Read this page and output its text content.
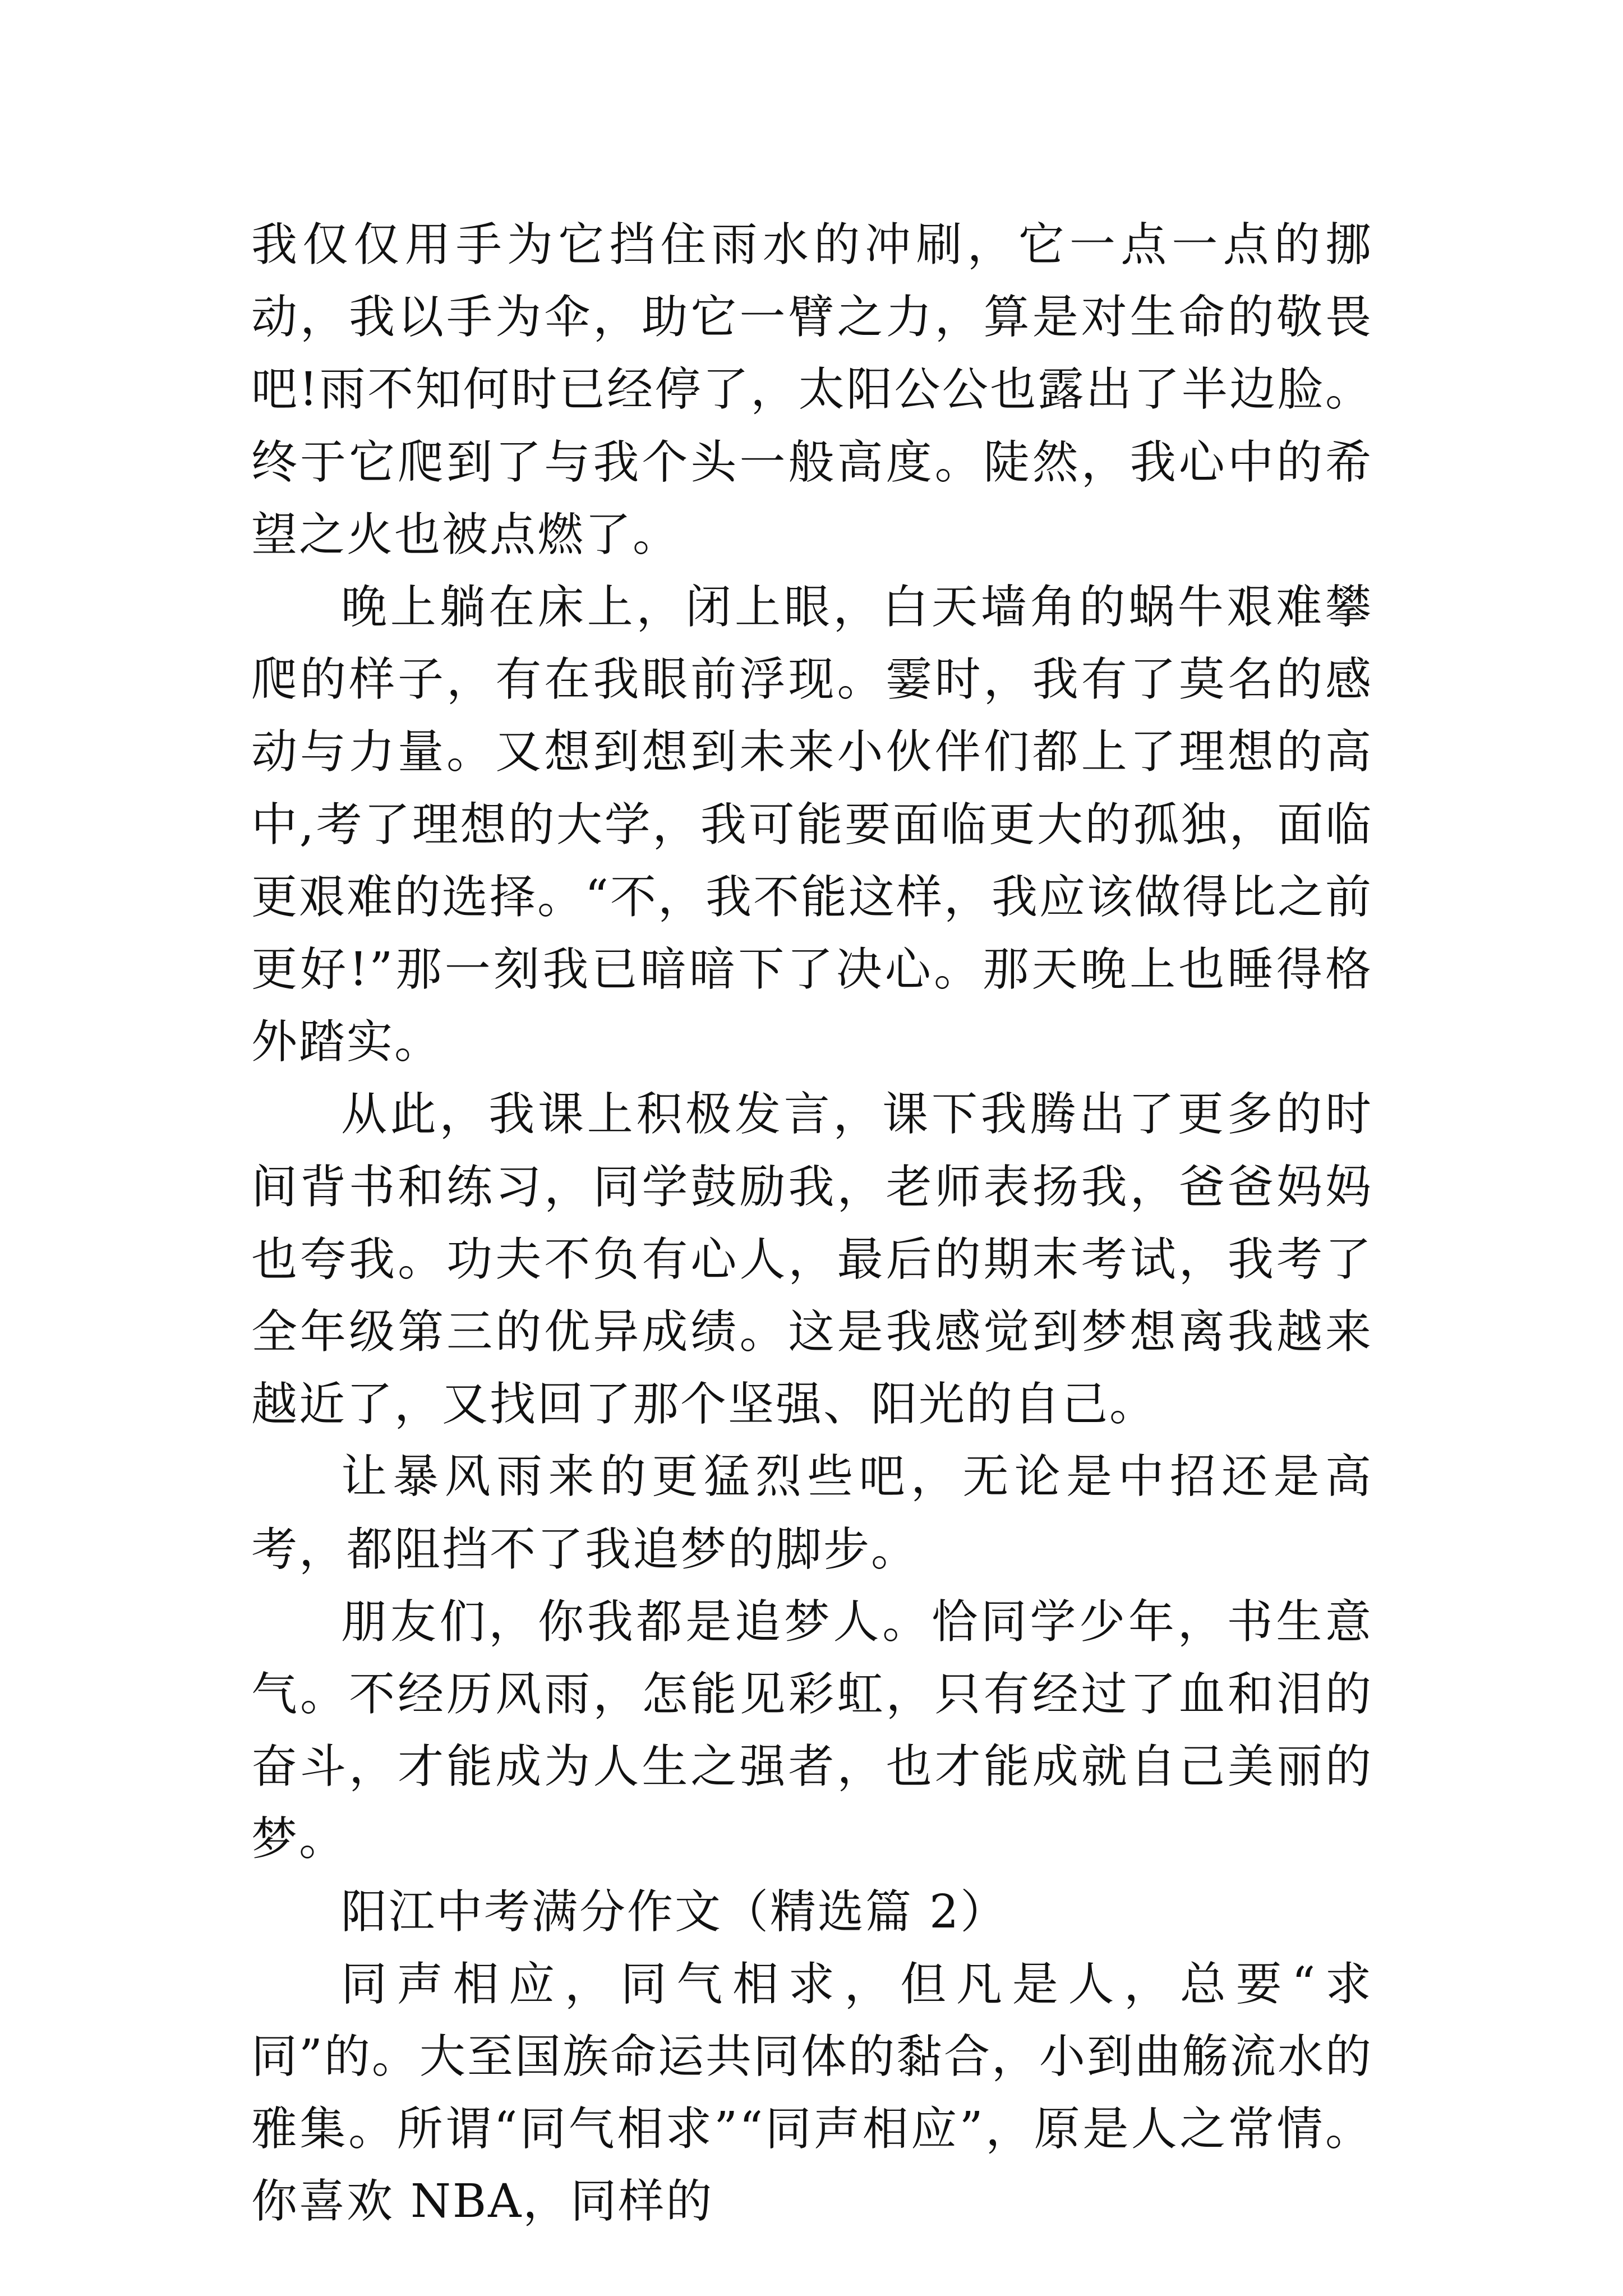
我仅仅用手为它挡住雨水的冲刷，它一点一点的挪动，我以手为伞，助它一臂之力，算是对生命的敬畏吧!雨不知何时已经停了，太阳公公也露出了半边脸。终于它爬到了与我个头一般高度。陡然，我心中的希望之火也被点燃了。

晚上躺在床上，闭上眼，白天墙角的蜗牛艰难攀爬的样子，有在我眼前浮现。霎时，我有了莫名的感动与力量。又想到想到未来小伙伴们都上了理想的高中,考了理想的大学，我可能要面临更大的孤独，面临更艰难的选择。“不，我不能这样，我应该做得比之前更好!”那一刻我已暗暗下了决心。那天晚上也睡得格外踏实。

从此，我课上积极发言，课下我腾出了更多的时间背书和练习，同学鼓励我，老师表扬我，爸爸妈妈也夸我。功夫不负有心人，最后的期末考试，我考了全年级第三的优异成绩。这是我感觉到梦想离我越来越近了，又找回了那个坚强、阳光的自己。

让暴风雨来的更猛烈些吧，无论是中招还是高考，都阻挡不了我追梦的脚步。

朋友们，你我都是追梦人。恰同学少年，书生意气。不经历风雨，怎能见彩虹，只有经过了血和泪的奋斗，才能成为人生之强者，也才能成就自己美丽的梦。

阳江中考满分作文（精选篇 2）

同声相应，同气相求，但凡是人，总要“求同”的。大至国族命运共同体的黏合，小到曲觞流水的雅集。所谓“同气相求”“同声相应”，原是人之常情。你喜欢 NBA，同样的
